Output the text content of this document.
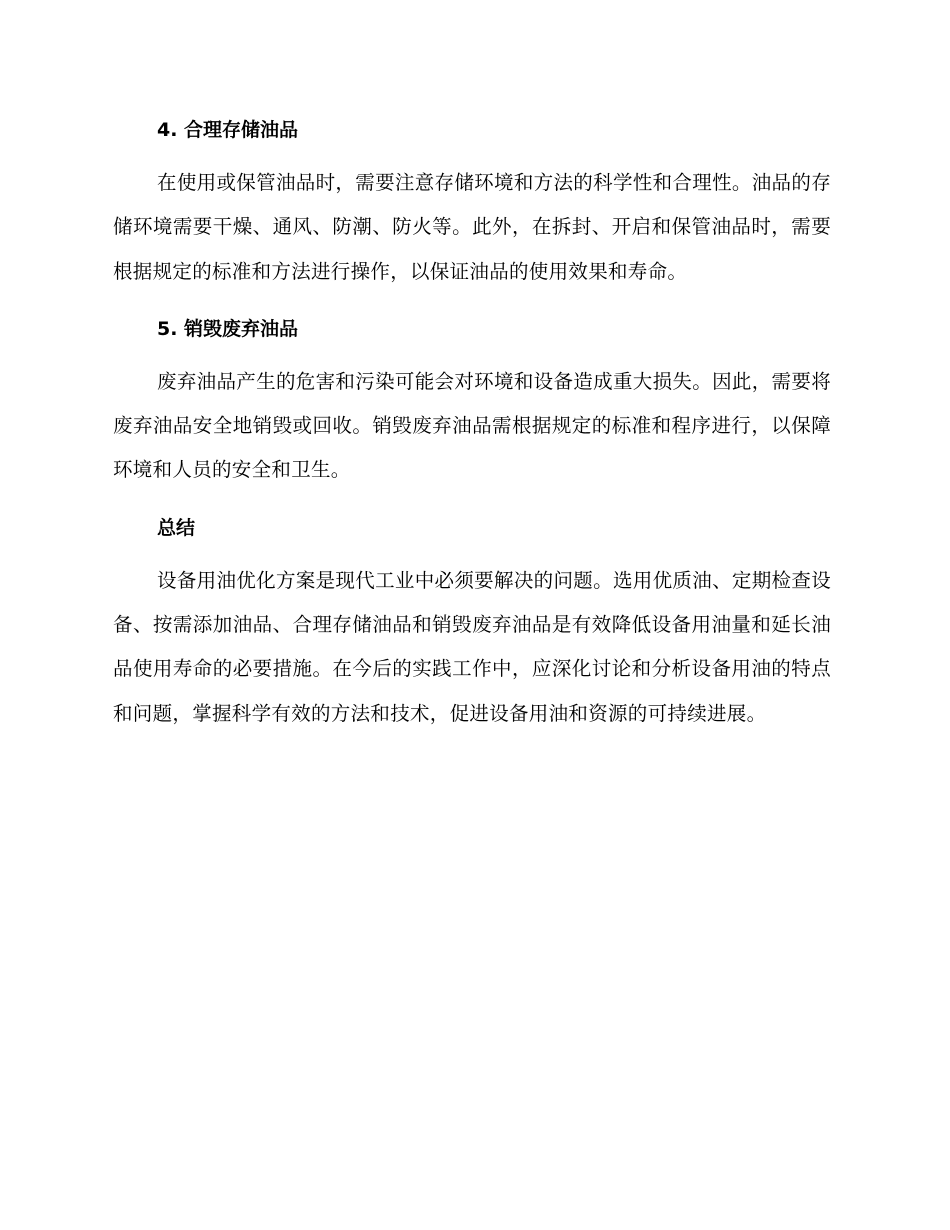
4. 合理存储油品

在使用或保管油品时，需要注意存储环境和方法的科学性和合理性。油品的存储环境需要干燥、通风、防潮、防火等。此外，在拆封、开启和保管油品时，需要根据规定的标准和方法进行操作，以保证油品的使用效果和寿命。

5. 销毁废弃油品

废弃油品产生的危害和污染可能会对环境和设备造成重大损失。因此，需要将废弃油品安全地销毁或回收。销毁废弃油品需根据规定的标准和程序进行，以保障环境和人员的安全和卫生。

总结

设备用油优化方案是现代工业中必须要解决的问题。选用优质油、定期检查设备、按需添加油品、合理存储油品和销毁废弃油品是有效降低设备用油量和延长油品使用寿命的必要措施。在今后的实践工作中，应深化讨论和分析设备用油的特点和问题，掌握科学有效的方法和技术，促进设备用油和资源的可持续进展。
